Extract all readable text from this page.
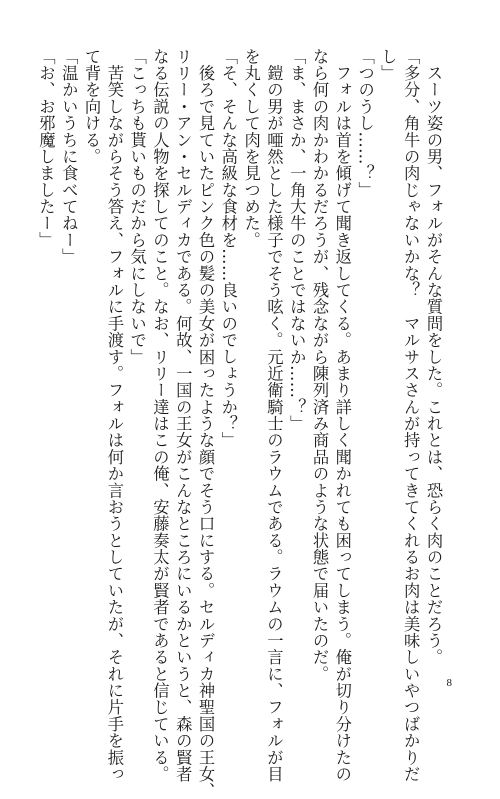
　スーツ姿の男、フォルがそんな質問をした。これとは、恐らく肉のことだろう。
「多分、角牛の肉じゃないかな？　マルサスさんが持ってきてくれるお肉は美味しいやつばかりだ
し」
「つのうし……？」
　フォルは首を傾げて聞き返してくる。あまり詳しく聞かれても困ってしまう。俺が切り分けたの
なら何の肉かわかるだろうが、残念ながら陳列済み商品のような状態で届いたのだ。
「ま、まさか、一角大牛のことではないか……？」
　鎧の男が唖然とした様子でそう呟く。元近衛騎士のラウムである。ラウムの一言に、フォルが目
を丸くして肉を見つめた。
「そ、そんな高級な食材を……良いのでしょうか？」
　後ろで見ていたピンク色の髪の美女が困ったような顔でそう口にする。セルディカ神聖国の王女、
リリー・アン・セルディカである。何故、一国の王女がこんなところにいるかというと、森の賢者
なる伝説の人物を探してのこと。なお、リリー達はこの俺、安藤奏太が賢者であると信じている。
「こっちも貰いものだから気にしないで」
　苦笑しながらそう答え、フォルに手渡す。フォルは何か言おうとしていたが、それに片手を振っ
て背を向ける。
「温かいうちに食べてねー」
「お、お邪魔しましたー」
8
